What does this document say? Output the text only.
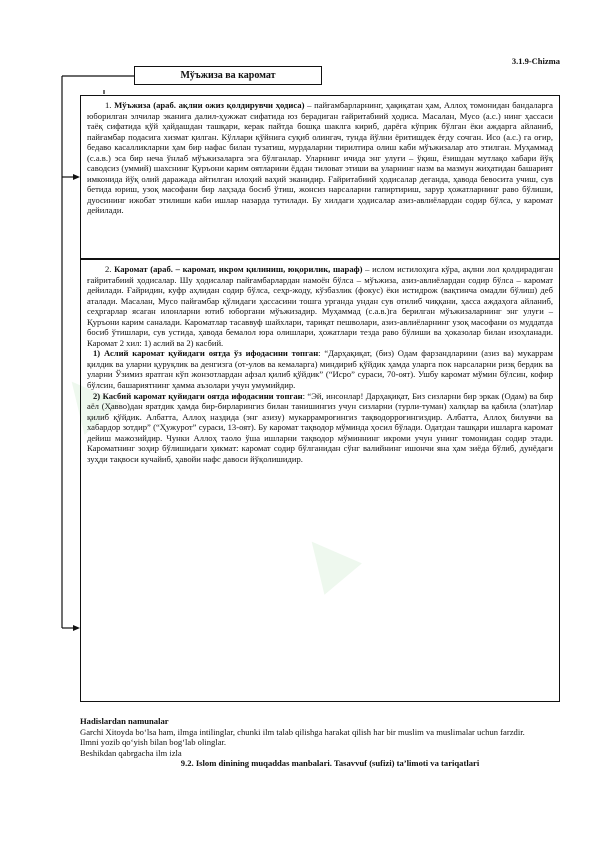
▲
▲
3.1.9-Chizma
Мўъжиза ва каромат

1. Мўъжиза (араб. ақлни ожиз қолдирувчи ҳодиса) – пайғамбарларнинг, ҳақиқатан ҳам, Аллоҳ томонидан бандаларга юборилган элчилар эканига далил-ҳужжат сифатида юз берадиган ғайритабиий ҳодиса. Масалан, Мусо (а.с.) нинг ҳассаси таёқ сифатида қўй ҳайдашдан ташқари, керак пайтда бошқа шаклга кириб, дарёга кўприк бўлган ёки аждарга айланиб, пайғамбар подасига хизмат қилган. Кўллари қўйнига суқиб олингач, тунда йўлни ёритишдек ёғду сочган. Исо (а.с.) га оғир, бедаво касалликларни ҳам бир нафас билан тузатиш, мурдаларни тирилтира олиш каби мўъжизалар ато этилган. Муҳаммад (с.а.в.) эса бир неча ўнлаб мўъжизаларга эга бўлганлар. Уларнинг ичида энг улуғи – ўқиш, ёзишдан мутлақо хабари йўқ саводсиз (уммий) шахснинг Қуръони карим оятларини ёддан тиловат этиши ва уларнинг назм ва мазмун жиҳатидан башарият имконида йўқ олий даражада айтилган илоҳий ваҳий эканидир. Ғайритабиий ҳодисалар деганда, ҳавода бевосита учиш, сув бетида юриш, узоқ масофани бир лаҳзада босиб ўтиш, жонсиз нарсаларни гапиртириш, зарур ҳожатларнинг раво бўлиши, дуосининг ижобат этилиши каби ишлар назарда тутилади. Бу хилдаги ҳодисалар азиз-авлиёлардан содир бўлса, у каромат дейилади.

2. Каромат (араб. – каромат, икром қилиниш, юқорилик, шараф) – ислом истилоҳига кўра, ақлни лол қолдирадиган ғайритабиий ҳодисалар. Шу ҳодисалар пайғамбарлардан намоён бўлса – мўъжиза, азиз-авлиёлардан содир бўлса – каромат дейилади. Ғайридин, куфр аҳлидан содир бўлса, сеҳр-жоду, кўзбазлик (фокус) ёки истидрож (вақтинча омадли бўлиш) деб аталади. Масалан, Мусо пайғамбар қўлидаги ҳассасини тошга урганда ундан сув отилиб чиққани, ҳасса аждаҳога айланиб, сеҳргарлар ясаган илонларни ютиб юборгани мўъжизадир. Муҳаммад (с.а.в.)га берилган мўъжизаларнинг энг улуғи – Қуръони карим саналади. Кароматлар тасаввуф шайхлари, тариқат пешволари, азиз-авлиёларнинг узоқ масофани оз муддатда босиб ўтишлари, сув устида, ҳавода бемалол юра олишлари, ҳожатлари тезда раво бўлиши ва ҳоказолар билан изоҳланади. Каромат 2 хил: 1) аслий ва 2) касбий.

1) Аслий каромат қуйидаги оятда ўз ифодасини топган: “Дарҳақиқат, (биз) Одам фарзандларини (азиз ва) мукаррам қилдик ва уларни қуруқлик ва денгизга (от-улов ва кемаларга) миндириб қўйдик ҳамда уларга пок нарсаларни ризқ бердик ва уларни Ўзимиз яратган кўп жонзотлардан афзал қилиб қўйдик” (“Исро” сураси, 70-оят). Ушбу каромат мўмин бўлсин, кофир бўлсин, башариятнинг ҳамма аъзолари учун умумийдир.

2) Касбий каромат қуйидаги оятда ифодасини топган: “Эй, инсонлар! Дарҳақиқат, Биз сизларни бир эркак (Одам) ва бир аёл (Ҳавво)дан яратдик ҳамда бир-бирларингиз билан танишингиз учун сизларни (турли-туман) халқлар ва қабила (элат)лар қилиб қўйдик. Албатта, Аллоҳ наздида (энг азизу) мукаррамроғингиз тақводорроғингиздир. Албатта, Аллоҳ билувчи ва хабардор зотдир” (“Ҳужурот” сураси, 13-оят). Бу каромат тақводор мўминда ҳосил бўлади. Одатдан ташқари ишларга каромат дейиш мажозийдир. Чунки Аллоҳ таоло ўша ишларни тақводор мўминнинг икроми учун унинг томонидан содир этади. Кароматнинг зоҳир бўлишидаги ҳикмат: каромат содир бўлганидан сўнг валийнинг ишончи яна ҳам зиёда бўлиб, дунёдаги зуҳди тақвоси кучайиб, ҳавойи нафс давоси йўқолишидир.

Hadislardan namunalar

Garchi Xitoyda bo‘lsa ham, ilmga intilinglar, chunki ilm talab qilishga harakat qilish har bir muslim va muslimalar uchun farzdir.

Ilmni yozib qo‘yish bilan bog‘lab olinglar.

Beshikdan qabrgacha ilm izla

9.2. Islom dinining muqaddas manbalari. Tasavvuf (sufizi) ta’limoti va tariqatlari
